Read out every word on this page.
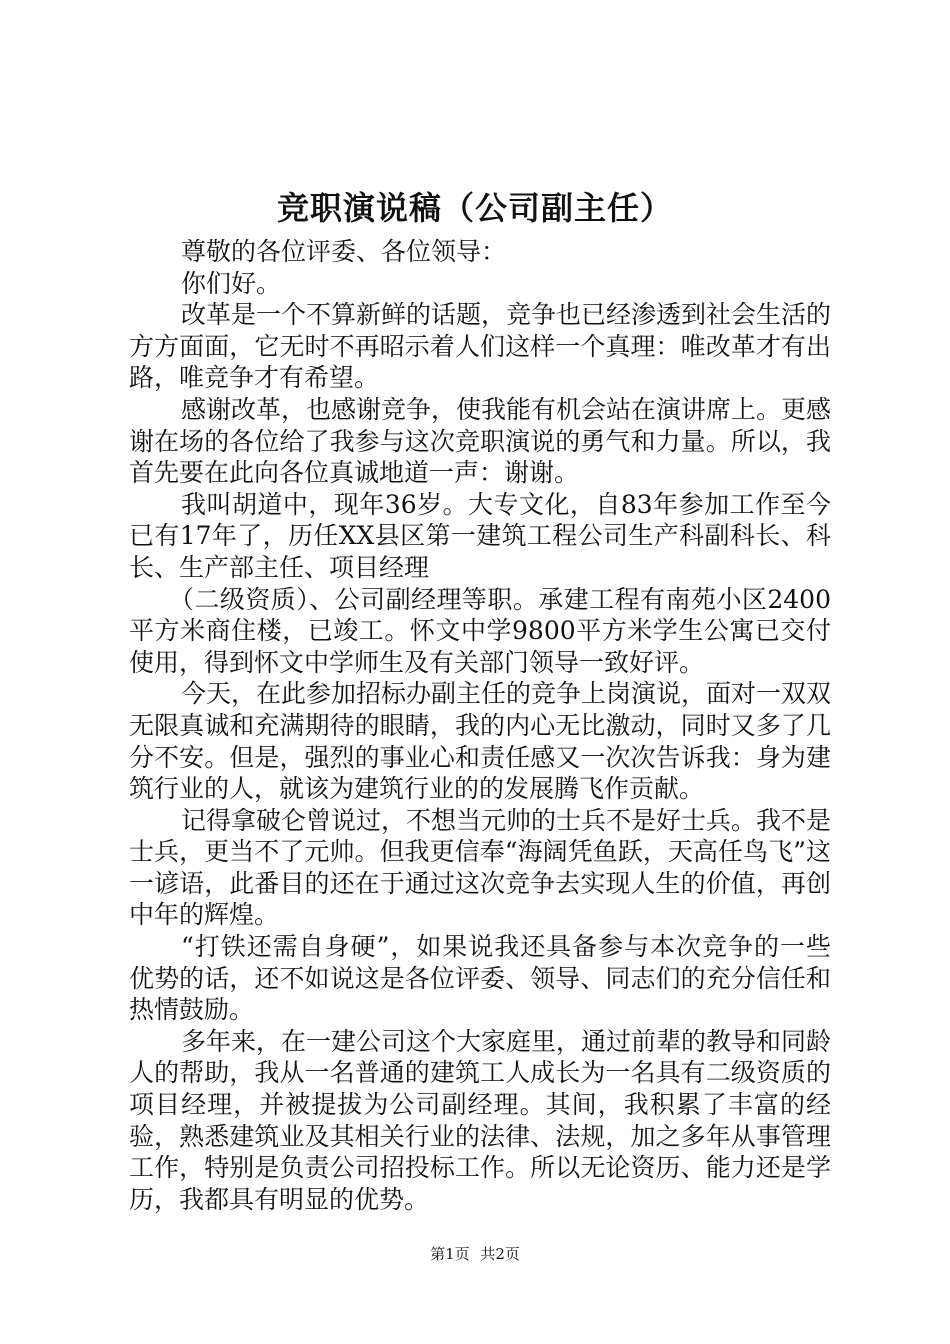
竞职演说稿（公司副主任）

尊敬的各位评委、各位领导：

你们好。

改革是一个不算新鲜的话题，竞争也已经渗透到社会生活的方方面面，它无时不再昭示着人们这样一个真理：唯改革才有出路，唯竞争才有希望。

感谢改革，也感谢竞争，使我能有机会站在演讲席上。更感谢在场的各位给了我参与这次竞职演说的勇气和力量。所以，我首先要在此向各位真诚地道一声：谢谢。

我叫胡道中，现年36岁。大专文化，自83年参加工作至今已有17年了，历任XX县区第一建筑工程公司生产科副科长、科长、生产部主任、项目经理

（二级资质）、公司副经理等职。承建工程有南苑小区2400平方米商住楼，已竣工。怀文中学9800平方米学生公寓已交付使用，得到怀文中学师生及有关部门领导一致好评。

今天，在此参加招标办副主任的竞争上岗演说，面对一双双无限真诚和充满期待的眼睛，我的内心无比激动，同时又多了几分不安。但是，强烈的事业心和责任感又一次次告诉我：身为建筑行业的人，就该为建筑行业的的发展腾飞作贡献。

记得拿破仑曾说过，不想当元帅的士兵不是好士兵。我不是士兵，更当不了元帅。但我更信奉“海阔凭鱼跃，天高任鸟飞”这一谚语，此番目的还在于通过这次竞争去实现人生的价值，再创中年的辉煌。

“打铁还需自身硬”，如果说我还具备参与本次竞争的一些优势的话，还不如说这是各位评委、领导、同志们的充分信任和热情鼓励。

多年来，在一建公司这个大家庭里，通过前辈的教导和同龄人的帮助，我从一名普通的建筑工人成长为一名具有二级资质的项目经理，并被提拔为公司副经理。其间，我积累了丰富的经验，熟悉建筑业及其相关行业的法律、法规，加之多年从事管理工作，特别是负责公司招投标工作。所以无论资历、能力还是学历，我都具有明显的优势。

第1页 共2页
